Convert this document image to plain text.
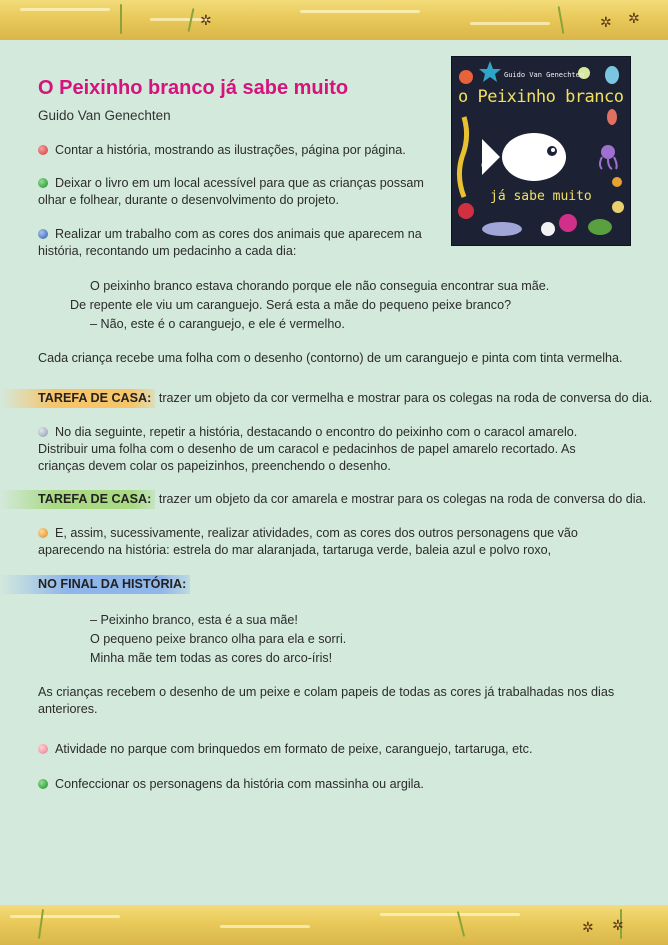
✲	✲ ✲
O Peixinho branco já sabe muito
Guido Van Genechten
Guido Van Genechten
o Peixinho branco
já sabe muito
Contar a história, mostrando as ilustrações, página por página.
Deixar o livro em um local acessível para que as crianças possam
olhar e folhear, durante o desenvolvimento do projeto.
Realizar um trabalho com as cores dos animais que aparecem na
história, recontando um pedacinho a cada dia:
O peixinho branco estava chorando porque ele não conseguia encontrar sua mãe.
De repente ele viu um caranguejo. Será esta a mãe do pequeno peixe branco?
– Não, este é o caranguejo, e ele é vermelho.
Cada criança recebe uma folha com o desenho (contorno) de um caranguejo e pinta com tinta vermelha.
TAREFA DE CASA: trazer um objeto da cor vermelha e mostrar para os colegas na roda de conversa do dia.
No dia seguinte, repetir a história, destacando o encontro do peixinho com o caracol amarelo.
Distribuir uma folha com o desenho de um caracol e pedacinhos de papel amarelo recortado. As
crianças devem colar os papeizinhos, preenchendo o desenho.
TAREFA DE CASA: trazer um objeto da cor amarela e mostrar para os colegas na roda de conversa do dia.
E, assim, sucessivamente, realizar atividades, com as cores dos outros personagens que vão
aparecendo na história: estrela do mar alaranjada, tartaruga verde, baleia azul e polvo roxo,
NO FINAL DA HISTÓRIA:
– Peixinho branco, esta é a sua mãe!
O pequeno peixe branco olha para ela e sorri.
Minha mãe tem todas as cores do arco-íris!
As crianças recebem o desenho de um peixe e colam papeis de todas as cores já trabalhadas nos dias
anteriores.
Atividade no parque com brinquedos em formato de peixe, caranguejo, tartaruga, etc.
Confeccionar os personagens da história com massinha ou argila.
✲ ✲
